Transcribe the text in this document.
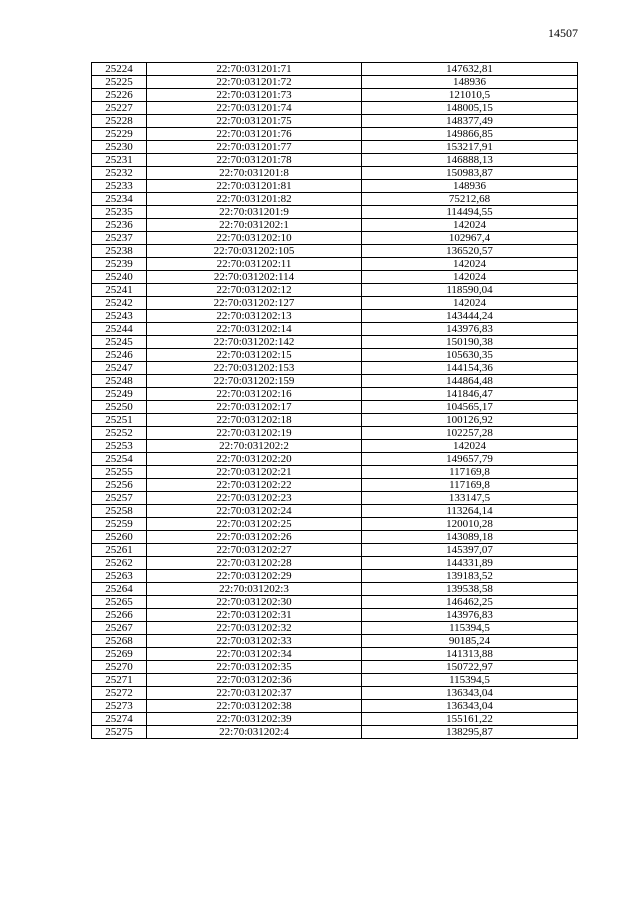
14507
25224	22:70:031201:71	147632,81
25225	22:70:031201:72	148936
25226	22:70:031201:73	121010,5
25227	22:70:031201:74	148005,15
25228	22:70:031201:75	148377,49
25229	22:70:031201:76	149866,85
25230	22:70:031201:77	153217,91
25231	22:70:031201:78	146888,13
25232	22:70:031201:8	150983,87
25233	22:70:031201:81	148936
25234	22:70:031201:82	75212,68
25235	22:70:031201:9	114494,55
25236	22:70:031202:1	142024
25237	22:70:031202:10	102967,4
25238	22:70:031202:105	136520,57
25239	22:70:031202:11	142024
25240	22:70:031202:114	142024
25241	22:70:031202:12	118590,04
25242	22:70:031202:127	142024
25243	22:70:031202:13	143444,24
25244	22:70:031202:14	143976,83
25245	22:70:031202:142	150190,38
25246	22:70:031202:15	105630,35
25247	22:70:031202:153	144154,36
25248	22:70:031202:159	144864,48
25249	22:70:031202:16	141846,47
25250	22:70:031202:17	104565,17
25251	22:70:031202:18	100126,92
25252	22:70:031202:19	102257,28
25253	22:70:031202:2	142024
25254	22:70:031202:20	149657,79
25255	22:70:031202:21	117169,8
25256	22:70:031202:22	117169,8
25257	22:70:031202:23	133147,5
25258	22:70:031202:24	113264,14
25259	22:70:031202:25	120010,28
25260	22:70:031202:26	143089,18
25261	22:70:031202:27	145397,07
25262	22:70:031202:28	144331,89
25263	22:70:031202:29	139183,52
25264	22:70:031202:3	139538,58
25265	22:70:031202:30	146462,25
25266	22:70:031202:31	143976,83
25267	22:70:031202:32	115394,5
25268	22:70:031202:33	90185,24
25269	22:70:031202:34	141313,88
25270	22:70:031202:35	150722,97
25271	22:70:031202:36	115394,5
25272	22:70:031202:37	136343,04
25273	22:70:031202:38	136343,04
25274	22:70:031202:39	155161,22
25275	22:70:031202:4	138295,87
